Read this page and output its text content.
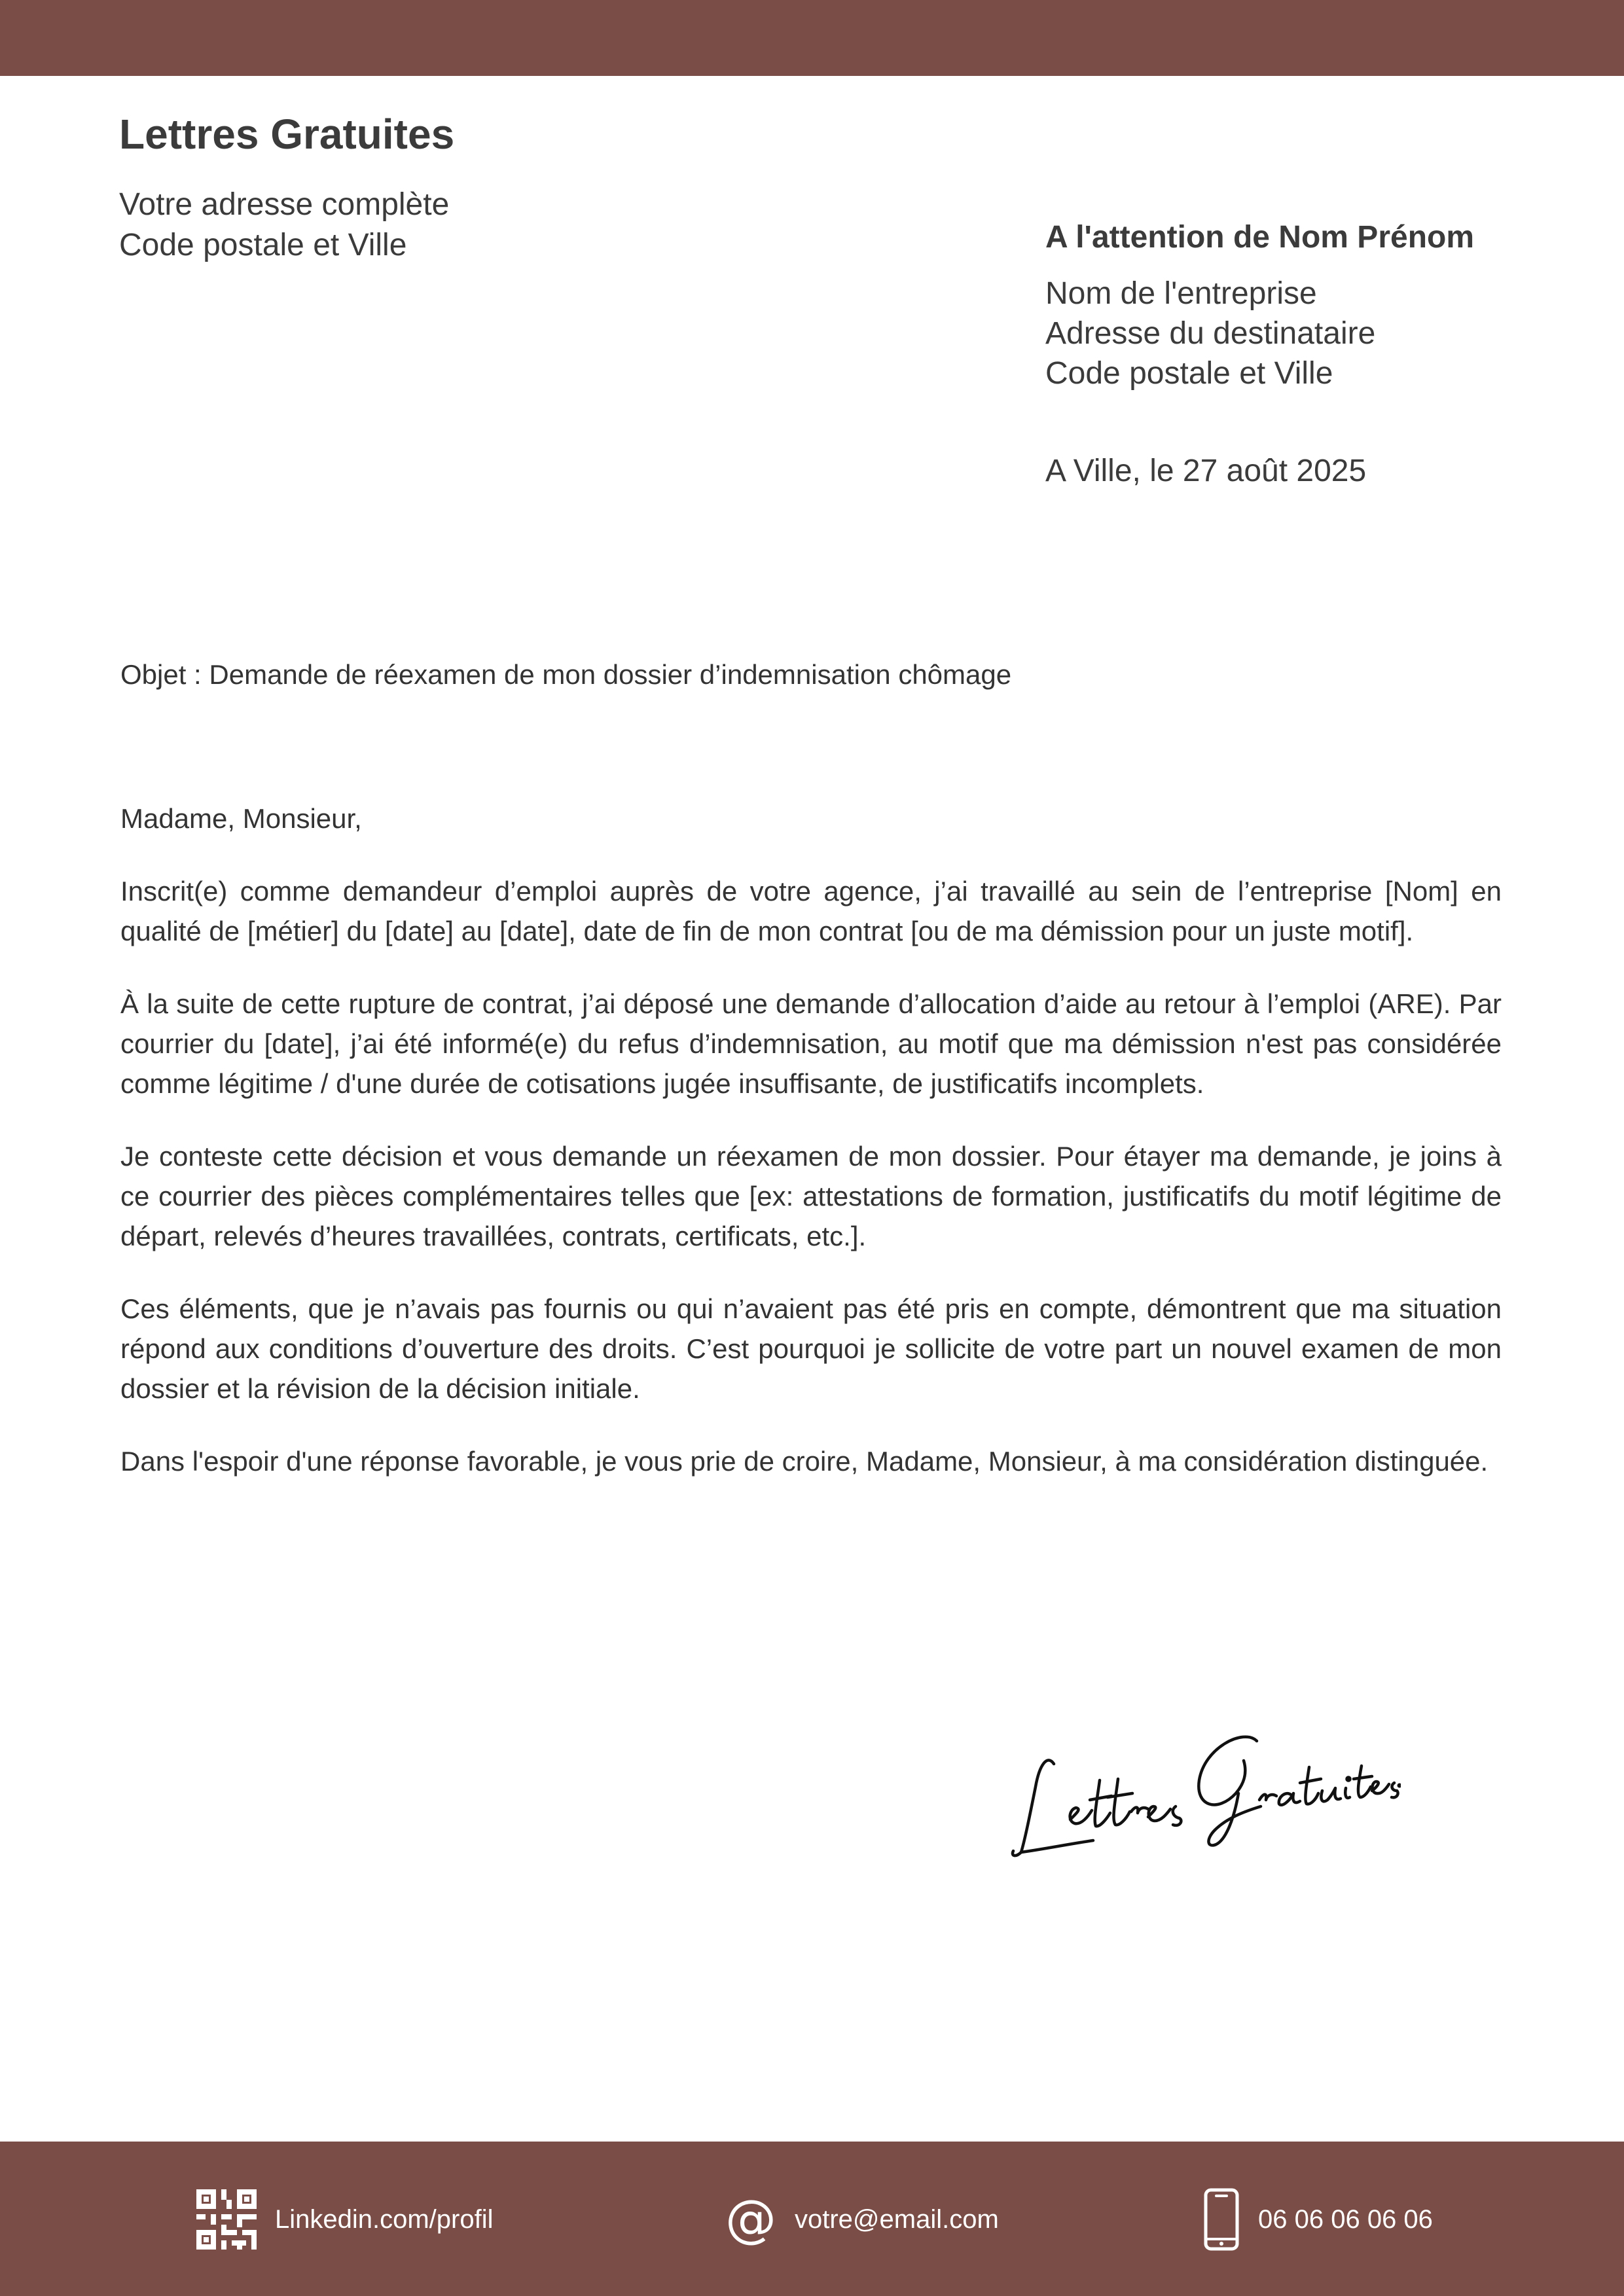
Lettres Gratuites
Votre adresse complète
Code postale et Ville	A l'attention de Nom Prénom
Nom de l'entreprise
Adresse du destinataire
Code postale et Ville
A Ville, le 27 août 2025
Objet : Demande de réexamen de mon dossier d’indemnisation chômage

Madame, Monsieur,

Inscrit(e) comme demandeur d’emploi auprès de votre agence, j’ai travaillé au sein de l’entreprise [Nom] en qualité de [métier] du [date] au [date], date de fin de mon contrat [ou de ma démission pour un juste motif].

À la suite de cette rupture de contrat, j’ai déposé une demande d’allocation d’aide au retour à l’emploi (ARE). Par courrier du [date], j’ai été informé(e) du refus d’indemnisation, au motif que ma démission n'est pas considérée comme légitime / d'une durée de cotisations jugée insuffisante, de justificatifs incomplets.

Je conteste cette décision et vous demande un réexamen de mon dossier. Pour étayer ma demande, je joins à ce courrier des pièces complémentaires telles que [ex: attestations de formation, justificatifs du motif légitime de départ, relevés d’heures travaillées, contrats, certificats, etc.].

Ces éléments, que je n’avais pas fournis ou qui n’avaient pas été pris en compte, démontrent que ma situation répond aux conditions d’ouverture des droits. C’est pourquoi je sollicite de votre part un nouvel examen de mon dossier et la révision de la décision initiale.

Dans l'espoir d'une réponse favorable, je vous prie de croire, Madame, Monsieur, à ma considération distinguée.

Linkedin.com/profil	@ votre@email.com	06 06 06 06 06
